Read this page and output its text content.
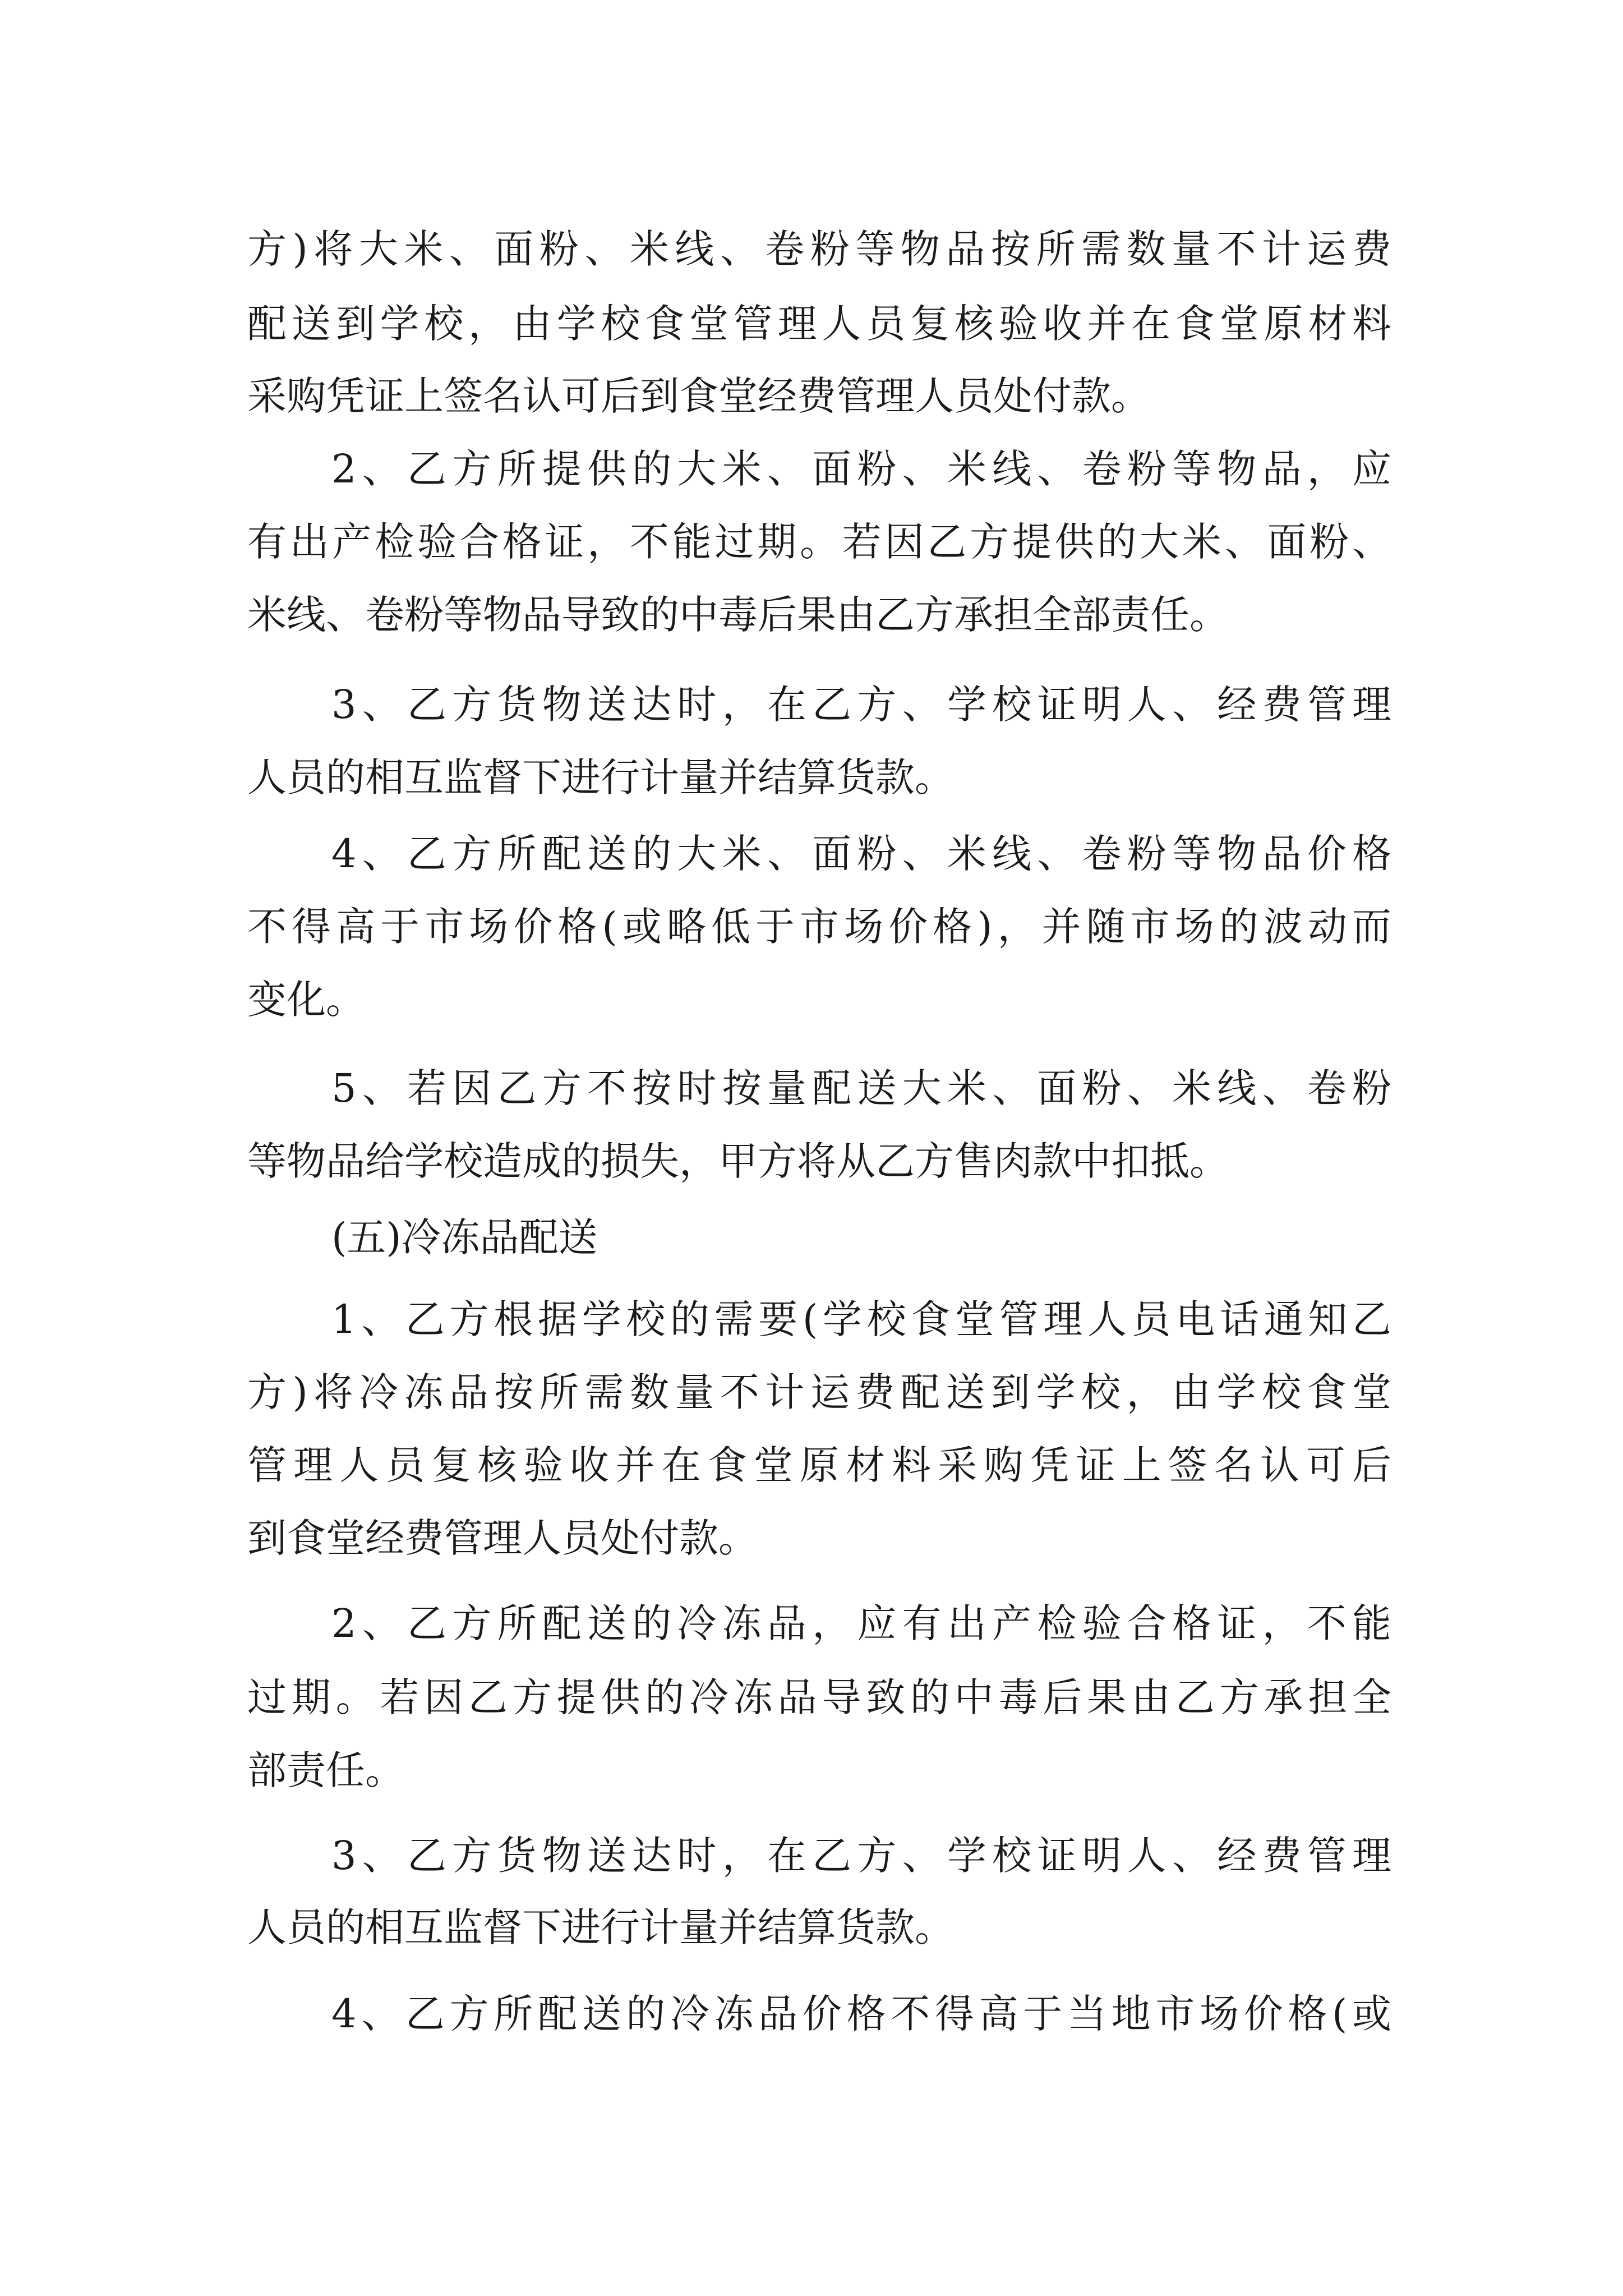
方)将大米、面粉、米线、卷粉等物品按所需数量不计运费

配送到学校，由学校食堂管理人员复核验收并在食堂原材料

采购凭证上签名认可后到食堂经费管理人员处付款。

2、乙方所提供的大米、面粉、米线、卷粉等物品，应

有出产检验合格证，不能过期。若因乙方提供的大米、面粉、

米线、卷粉等物品导致的中毒后果由乙方承担全部责任。

3、乙方货物送达时，在乙方、学校证明人、经费管理

人员的相互监督下进行计量并结算货款。

4、乙方所配送的大米、面粉、米线、卷粉等物品价格

不得高于市场价格(或略低于市场价格)，并随市场的波动而

变化。

5、若因乙方不按时按量配送大米、面粉、米线、卷粉

等物品给学校造成的损失，甲方将从乙方售肉款中扣抵。

(五)冷冻品配送

1、乙方根据学校的需要(学校食堂管理人员电话通知乙

方)将冷冻品按所需数量不计运费配送到学校，由学校食堂

管理人员复核验收并在食堂原材料采购凭证上签名认可后

到食堂经费管理人员处付款。

2、乙方所配送的冷冻品，应有出产检验合格证，不能

过期。若因乙方提供的冷冻品导致的中毒后果由乙方承担全

部责任。

3、乙方货物送达时，在乙方、学校证明人、经费管理

人员的相互监督下进行计量并结算货款。

4、乙方所配送的冷冻品价格不得高于当地市场价格(或
